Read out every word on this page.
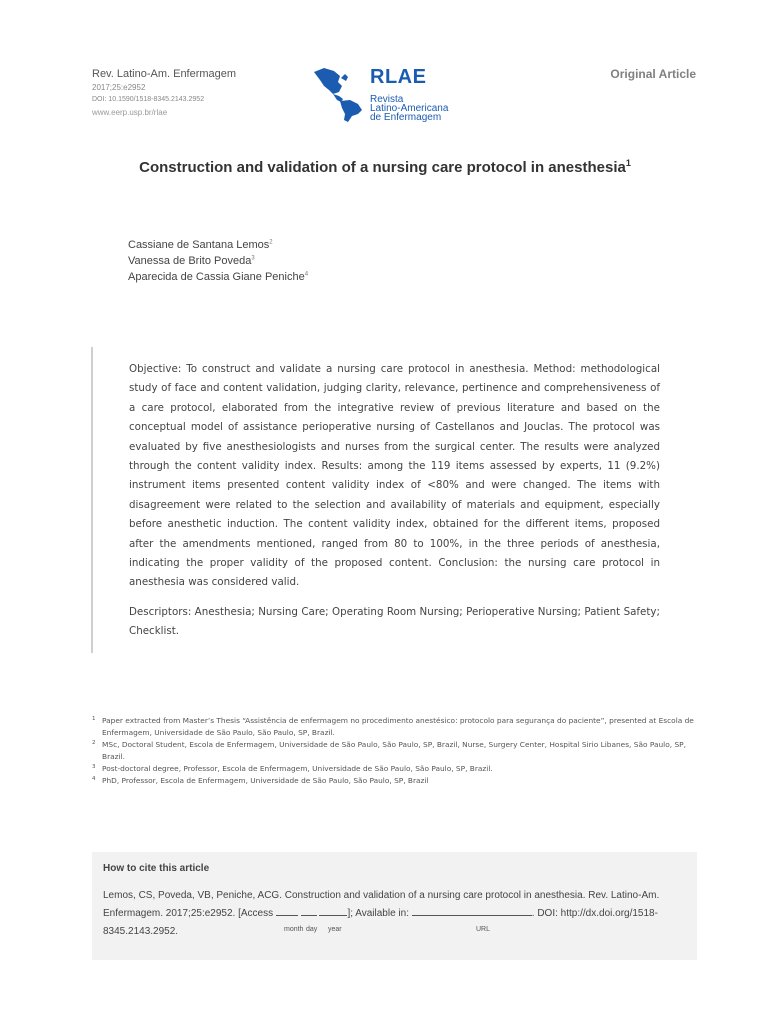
Rev. Latino-Am. Enfermagem
2017;25:e2952
DOI: 10.1590/1518-8345.2143.2952
www.eerp.usp.br/rlae
RLAE
Revista
Latino-Americana
de Enfermagem
Original Article
Construction and validation of a nursing care protocol in anesthesia$^1$
Cassiane de Santana Lemos$^2$
Vanessa de Brito Poveda$^3$
Aparecida de Cassia Giane Peniche$^4$

Objective: To construct and validate a nursing care protocol in anesthesia. Method: methodological study of face and content validation, judging clarity, relevance, pertinence and comprehensiveness of a care protocol, elaborated from the integrative review of previous literature and based on the conceptual model of assistance perioperative nursing of Castellanos and Jouclas. The protocol was evaluated by five anesthesiologists and nurses from the surgical center. The results were analyzed through the content validity index. Results: among the 119 items assessed by experts, 11 (9.2%) instrument items presented content validity index of <80% and were changed. The items with disagreement were related to the selection and availability of materials and equipment, especially before anesthetic induction. The content validity index, obtained for the different items, proposed after the amendments mentioned, ranged from 80 to 100%, in the three periods of anesthesia, indicating the proper validity of the proposed content. Conclusion: the nursing care protocol in anesthesia was considered valid.

Descriptors: Anesthesia; Nursing Care; Operating Room Nursing; Perioperative Nursing; Patient Safety; Checklist.

1 Paper extracted from Master’s Thesis “Assistência de enfermagem no procedimento anestésico: protocolo para segurança do paciente”, presented at Escola de Enfermagem, Universidade de São Paulo, São Paulo, SP, Brazil.
2 MSc, Doctoral Student, Escola de Enfermagem, Universidade de São Paulo, São Paulo, SP, Brazil, Nurse, Surgery Center, Hospital Sirio Libanes, São Paulo, SP, Brazil.
3 Post-doctoral degree, Professor, Escola de Enfermagem, Universidade de São Paulo, São Paulo, SP, Brazil.
4 PhD, Professor, Escola de Enfermagem, Universidade de São Paulo, São Paulo, SP, Brazil
How to cite this article

Lemos, CS, Poveda, VB, Peniche, ACG. Construction and validation of a nursing care protocol in anesthesia. Rev. Latino-Am. Enfermagem. 2017;25:e2952. [Access	]; Available in:	. DOI: http://dx.doi.org/1518-8345.2143.2952.	month day year	URL
